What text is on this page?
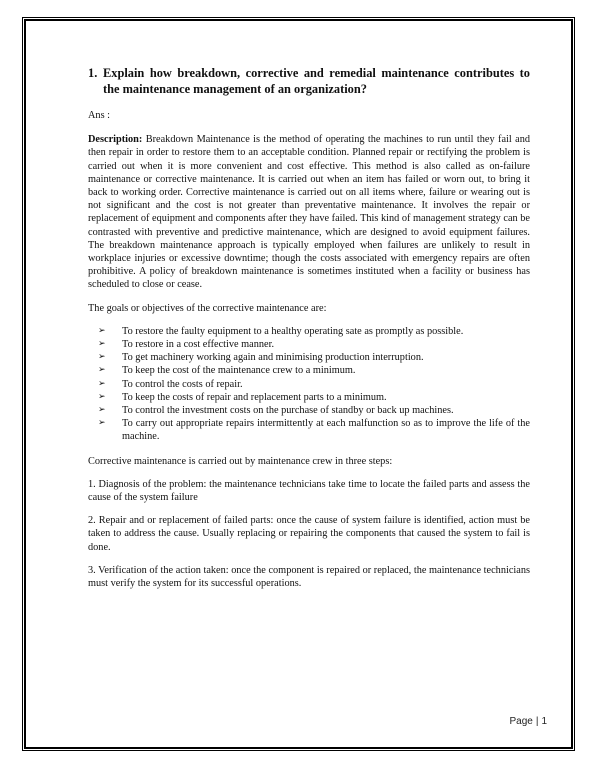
1. Explain how breakdown, corrective and remedial maintenance contributes to the maintenance management of an organization?
Ans :

Description: Breakdown Maintenance is the method of operating the machines to run until they fail and then repair in order to restore them to an acceptable condition. Planned repair or rectifying the problem is carried out when it is more convenient and cost effective. This method is also called as on-failure maintenance or corrective maintenance. It is carried out when an item has failed or worn out, to bring it back to working order. Corrective maintenance is carried out on all items where, failure or wearing out is not significant and the cost is not greater than preventative maintenance. It involves the repair or replacement of equipment and components after they have failed. This kind of management strategy can be contrasted with preventive and predictive maintenance, which are designed to avoid equipment failures. The breakdown maintenance approach is typically employed when failures are unlikely to result in workplace injuries or excessive downtime; though the costs associated with emergency repairs are often prohibitive. A policy of breakdown maintenance is sometimes instituted when a facility or business has scheduled to close or cease.

The goals or objectives of the corrective maintenance are:

➢ To restore the faulty equipment to a healthy operating sate as promptly as possible.
➢ To restore in a cost effective manner.
➢ To get machinery working again and minimising production interruption.
➢ To keep the cost of the maintenance crew to a minimum.
➢ To control the costs of repair.
➢ To keep the costs of repair and replacement parts to a minimum.
➢ To control the investment costs on the purchase of standby or back up machines.
➢ To carry out appropriate repairs intermittently at each malfunction so as to improve the life of the machine.

Corrective maintenance is carried out by maintenance crew in three steps:

1. Diagnosis of the problem: the maintenance technicians take time to locate the failed parts and assess the cause of the system failure

2. Repair and or replacement of failed parts: once the cause of system failure is identified, action must be taken to address the cause. Usually replacing or repairing the components that caused the system to fail is done.

3. Verification of the action taken: once the component is repaired or replaced, the maintenance technicians must verify the system for its successful operations.

Page | 1
